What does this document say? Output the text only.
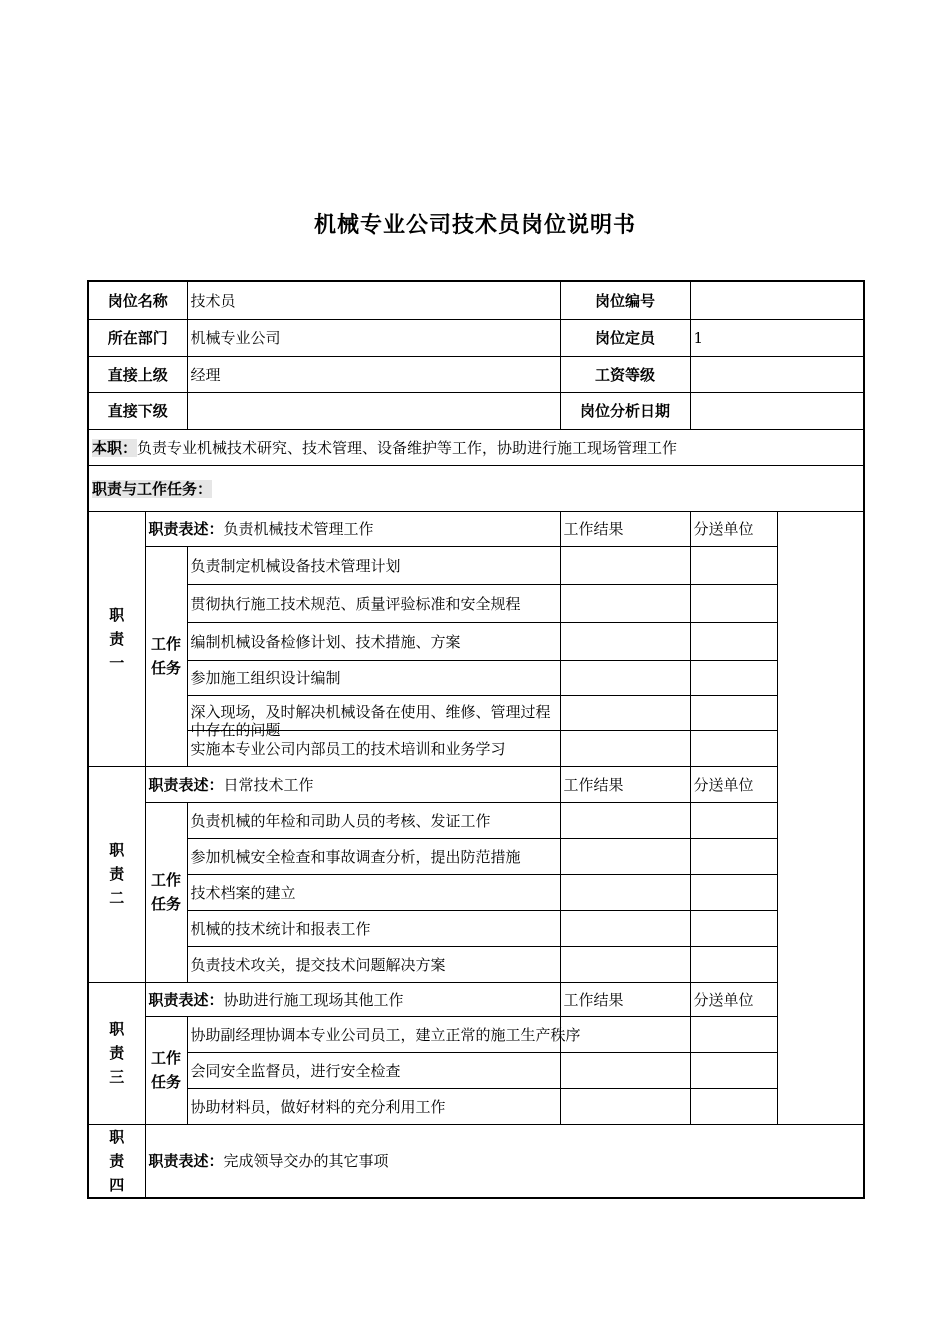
机械专业公司技术员岗位说明书
岗位名称		技术员	岗位编号	
所在部门		机械专业公司	岗位定员	1
直接上级		经理	工资等级	
直接下级			岗位分析日期	
本职：负责专业机械技术研究、技术管理、设备维护等工作，协助进行施工现场管理工作				
职责与工作任务：				

职
责
一	职责表述：负责机械技术管理工作		工作结果	分送单位

	工作
任务	负责制定机械设备技术管理计划		
		贯彻执行施工技术规范、质量评验标准和安全规程		
		编制机械设备检修计划、技术措施、方案		
		参加施工组织设计编制		

		深入现场，及时解决机械设备在使用、维修、管理过程中存在的问题		

		实施本专业公司内部员工的技术培训和业务学习		

职
责
二	职责表述：日常技术工作		工作结果	分送单位

	工作
任务	负责机械的年检和司助人员的考核、发证工作		
		参加机械安全检查和事故调查分析，提出防范措施		
		技术档案的建立		
		机械的技术统计和报表工作		
		负责技术攻关，提交技术问题解决方案		

职
责
三	职责表述：协助进行施工现场其他工作		工作结果	分送单位

	工作
任务	协助副经理协调本专业公司员工，建立正常的施工生产秩序		
		会同安全监督员，进行安全检查		
		协助材料员，做好材料的充分利用工作		

职
责
四	职责表述：完成领导交办的其它事项			
